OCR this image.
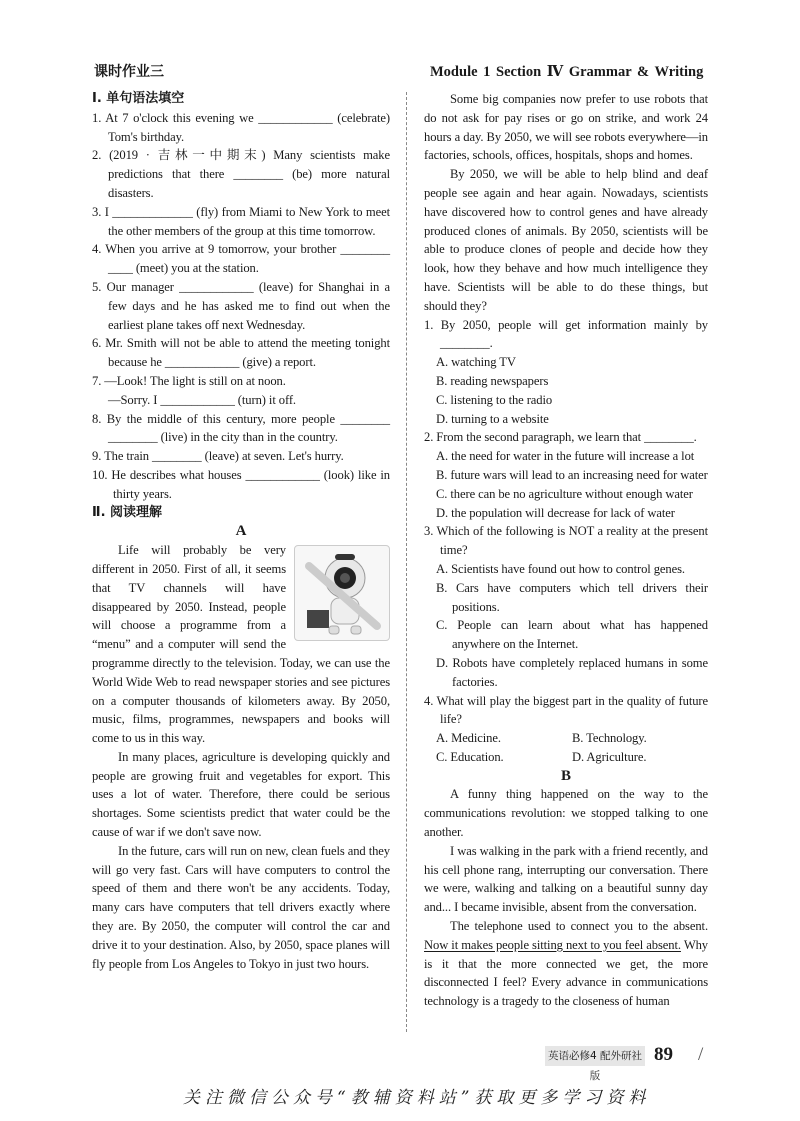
课时作业三	Module 1 Section Ⅳ Grammar & Writing
Ⅰ. 单句语法填空
1. At 7 o'clock this evening we ____________ (celebrate) Tom's birthday.
2. (2019 · 吉林一中期末) Many scientists make predictions that there ________ (be) more natural disasters.
3. I _____________ (fly) from Miami to New York to meet the other members of the group at this time tomorrow.
4. When you arrive at 9 tomorrow, your brother ________ ____ (meet) you at the station.
5. Our manager ____________ (leave) for Shanghai in a few days and he has asked me to find out when the earliest plane takes off next Wednesday.
6. Mr. Smith will not be able to attend the meeting tonight because he ____________ (give) a report.
7. —Look! The light is still on at noon.
—Sorry. I ____________ (turn) it off.
8. By the middle of this century, more people ________ ________ (live) in the city than in the country.
9. The train ________ (leave) at seven. Let's hurry.
10. He describes what houses ____________ (look) like in thirty years.
Ⅱ. 阅读理解
A
Life will probably be very different in 2050. First of all, it seems that TV channels will have disappeared by 2050. Instead, people will choose a programme from a “menu” and a computer will send the programme directly to the television. Today, we can use the World Wide Web to read newspaper stories and see pictures on a computer thousands of kilometers away. By 2050, music, films, programmes, newspapers and books will come to us in this way.
In many places, agriculture is developing quickly and people are growing fruit and vegetables for export. This uses a lot of water. Therefore, there could be serious shortages. Some scientists predict that water could be the cause of war if we don't save now.
In the future, cars will run on new, clean fuels and they will go very fast. Cars will have computers to control the speed of them and there won't be any accidents. Today, many cars have computers that tell drivers exactly where they are. By 2050, the computer will control the car and drive it to your destination. Also, by 2050, space planes will fly people from Los Angeles to Tokyo in just two hours.
Some big companies now prefer to use robots that do not ask for pay rises or go on strike, and work 24 hours a day. By 2050, we will see robots everywhere—in factories, schools, offices, hospitals, shops and homes.
By 2050, we will be able to help blind and deaf people see again and hear again. Nowadays, scientists have discovered how to control genes and have already produced clones of animals. By 2050, scientists will be able to produce clones of people and decide how they look, how they behave and how much intelligence they have. Scientists will be able to do these things, but should they?
1. By 2050, people will get information mainly by ________.
A. watching TV
B. reading newspapers
C. listening to the radio
D. turning to a website
2. From the second paragraph, we learn that ________.
A. the need for water in the future will increase a lot
B. future wars will lead to an increasing need for water
C. there can be no agriculture without enough water
D. the population will decrease for lack of water
3. Which of the following is NOT a reality at the present time?
A. Scientists have found out how to control genes.
B. Cars have computers which tell drivers their positions.
C. People can learn about what has happened anywhere on the Internet.
D. Robots have completely replaced humans in some factories.
4. What will play the biggest part in the quality of future life?
A. Medicine.	B. Technology.
C. Education.	D. Agriculture.
B
A funny thing happened on the way to the communications revolution: we stopped talking to one another.
I was walking in the park with a friend recently, and his cell phone rang, interrupting our conversation. There we were, walking and talking on a beautiful sunny day and... I became invisible, absent from the conversation.
The telephone used to connect you to the absent. Now it makes people sitting next to you feel absent. Why is it that the more connected we get, the more disconnected I feel? Every advance in communications technology is a tragedy to the closeness of human
英语必修4 配外研社版
89 /
关注微信公众号“教辅资料站”获取更多学习资料
